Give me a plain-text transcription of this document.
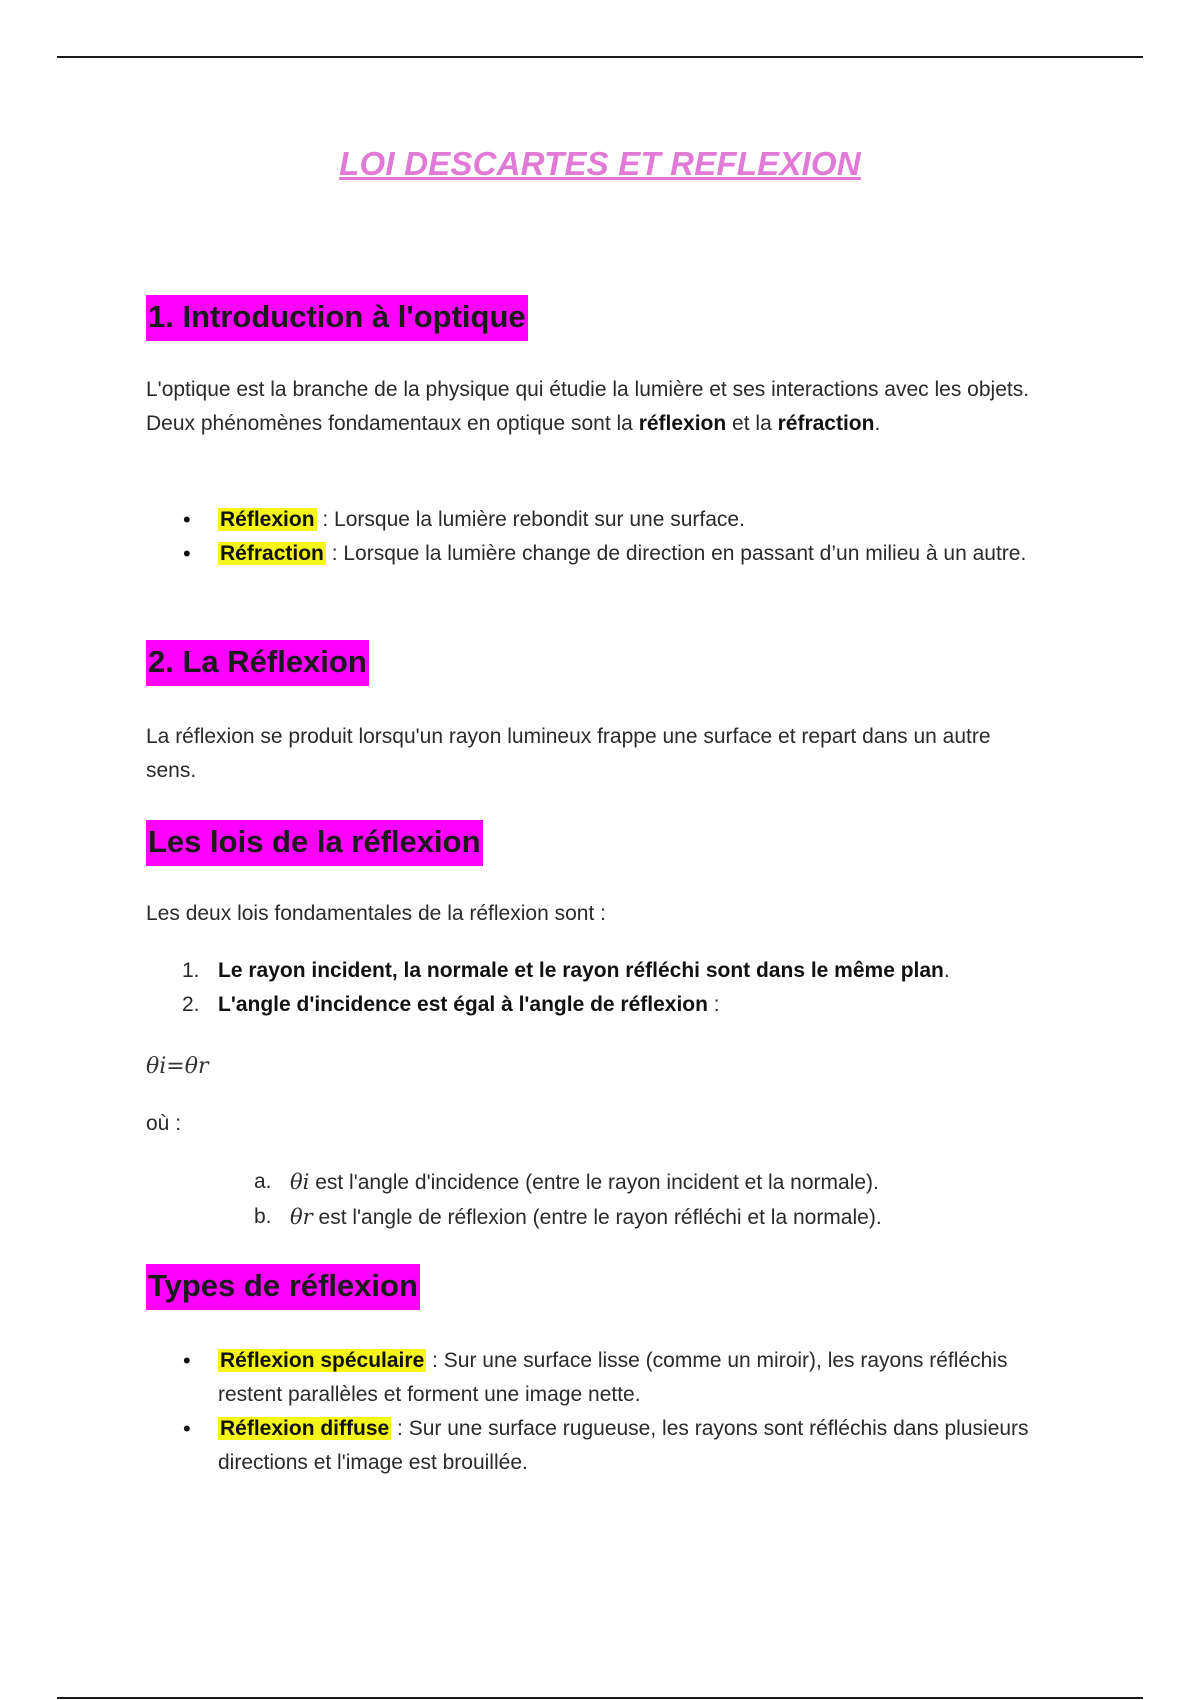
LOI DESCARTES ET REFLEXION
1. Introduction à l'optique
L'optique est la branche de la physique qui étudie la lumière et ses interactions avec les objets. Deux phénomènes fondamentaux en optique sont la réflexion et la réfraction.
• Réflexion : Lorsque la lumière rebondit sur une surface.
• Réfraction : Lorsque la lumière change de direction en passant d’un milieu à un autre.
2. La Réflexion
La réflexion se produit lorsqu'un rayon lumineux frappe une surface et repart dans un autre sens.
Les lois de la réflexion
Les deux lois fondamentales de la réflexion sont :
1. Le rayon incident, la normale et le rayon réfléchi sont dans le même plan.
2. L'angle d'incidence est égal à l'angle de réflexion :
θi=θr
où :
a. θi est l'angle d'incidence (entre le rayon incident et la normale).
b. θr est l'angle de réflexion (entre le rayon réfléchi et la normale).
Types de réflexion
• Réflexion spéculaire : Sur une surface lisse (comme un miroir), les rayons réfléchis restent parallèles et forment une image nette.
• Réflexion diffuse : Sur une surface rugueuse, les rayons sont réfléchis dans plusieurs directions et l'image est brouillée.
